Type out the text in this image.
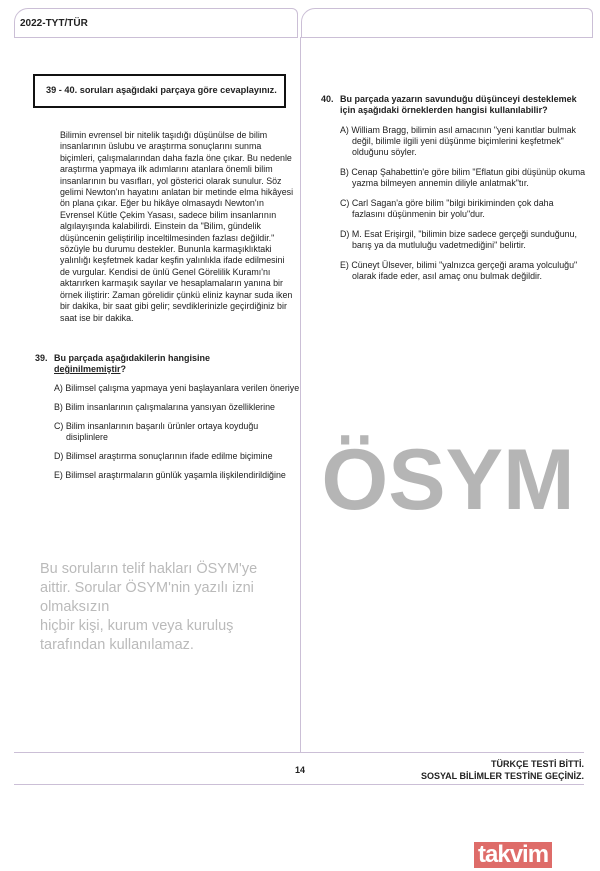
2022-TYT/TÜR
39 - 40. soruları aşağıdaki parçaya göre cevaplayınız.
Bilimin evrensel bir nitelik taşıdığı düşünülse de bilim insanlarının üslubu ve araştırma sonuçlarını sunma biçimleri, çalışmalarından daha fazla öne çıkar. Bu nedenle araştırma yapmaya ilk adımlarını atanlara önemli bilim insanlarının bu vasıfları, yol gösterici olarak sunulur. Söz gelimi Newton'ın hayatını anlatan bir metinde elma hikâyesi ön plana çıkar. Eğer bu hikâye olmasaydı Newton'ın Evrensel Kütle Çekim Yasası, sadece bilim insanlarının algılayışında kalabilirdi. Einstein da "Bilim, gündelik düşüncenin geliştirilip inceltilmesinden fazlası değildir." sözüyle bu durumu destekler. Bununla karmaşıklıktaki yalınlığı keşfetmek kadar keşfin yalınlıkla ifade edilmesini de vurgular. Kendisi de ünlü Genel Görelilik Kuramı'nı aktarırken karmaşık sayılar ve hesaplamaların yanına bir örnek iliştirir: Zaman görelidir çünkü eliniz kaynar suda iken bir dakika, bir saat gibi gelir; sevdiklerinizle geçirdiğiniz bir saat ise bir dakika.
39. Bu parçada aşağıdakilerin hangisine
değinilmemiştir?
A) Bilimsel çalışma yapmaya yeni başlayanlara verilen öneriye
B) Bilim insanlarının çalışmalarına yansıyan özelliklerine
C) Bilim insanlarının başarılı ürünler ortaya koyduğu disiplinlere
D) Bilimsel araştırma sonuçlarının ifade edilme biçimine
E) Bilimsel araştırmaların günlük yaşamla ilişkilendirildiğine
40. Bu parçada yazarın savunduğu düşünceyi desteklemek için aşağıdaki örneklerden hangisi kullanılabilir?
A) William Bragg, bilimin asıl amacının "yeni kanıtlar bulmak değil, bilimle ilgili yeni düşünme biçimlerini keşfetmek" olduğunu söyler.
B) Cenap Şahabettin'e göre bilim "Eflatun gibi düşünüp okuma yazma bilmeyen annemin diliyle anlatmak"tır.
C) Carl Sagan'a göre bilim "bilgi birikiminden çok daha fazlasını düşünmenin bir yolu"dur.
D) M. Esat Erişirgil, "bilimin bize sadece gerçeği sunduğunu, barış ya da mutluluğu vadetmediğini" belirtir.
E) Cüneyt Ülsever, bilimi "yalnızca gerçeği arama yolculuğu" olarak ifade eder, asıl amaç onu bulmak değildir.
ÖSYM
Bu soruların telif hakları ÖSYM'ye aittir. Sorular ÖSYM'nin yazılı izni olmaksızın
hiçbir kişi, kurum veya kuruluş tarafından kullanılamaz.
14
TÜRKÇE TESTİ BİTTİ.
SOSYAL BİLİMLER TESTİNE GEÇİNİZ.
takvim
